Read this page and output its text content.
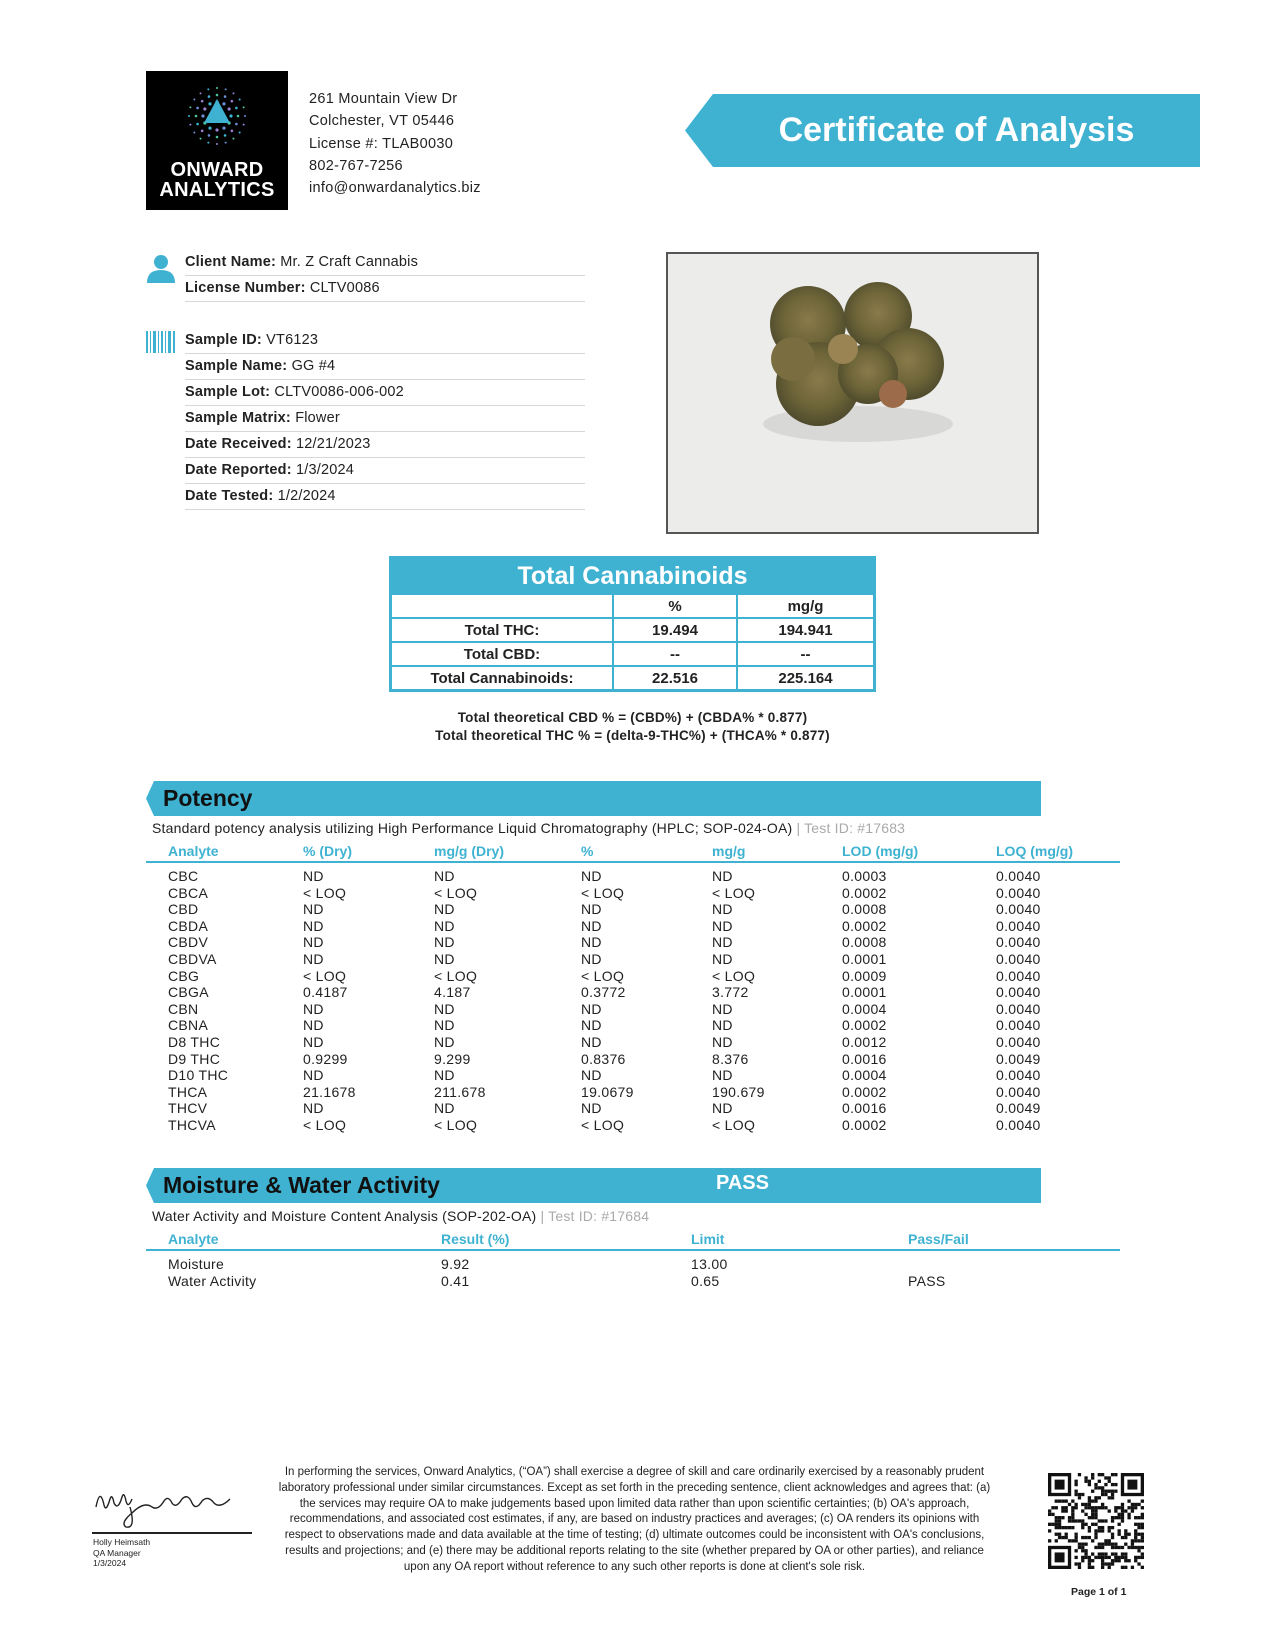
ONWARD
ANALYTICS
261 Mountain View Dr
Colchester, VT 05446
License #: TLAB0030
802-767-7256
info@onwardanalytics.biz
Certificate of Analysis
Client Name: Mr. Z Craft Cannabis
License Number: CLTV0086
Sample ID: VT6123
Sample Name: GG #4
Sample Lot: CLTV0086-006-002
Sample Matrix: Flower
Date Received: 12/21/2023
Date Reported: 1/3/2024
Date Tested: 1/2/2024
Total Cannabinoids
	%	mg/g
Total THC:	19.494	194.941
Total CBD:	--	--
Total Cannabinoids:	22.516	225.164
Total theoretical CBD % = (CBD%) + (CBDA% * 0.877)
Total theoretical THC % = (delta-9-THC%) + (THCA% * 0.877)
Potency
Standard potency analysis utilizing High Performance Liquid Chromatography (HPLC; SOP-024-OA) | Test ID: #17683
Analyte	% (Dry)	mg/g (Dry)	%	mg/g	LOD (mg/g)	LOQ (mg/g)
CBC	ND	ND	ND	ND	0.0003	0.0040
CBCA	< LOQ	< LOQ	< LOQ	< LOQ	0.0002	0.0040
CBD	ND	ND	ND	ND	0.0008	0.0040
CBDA	ND	ND	ND	ND	0.0002	0.0040
CBDV	ND	ND	ND	ND	0.0008	0.0040
CBDVA	ND	ND	ND	ND	0.0001	0.0040
CBG	< LOQ	< LOQ	< LOQ	< LOQ	0.0009	0.0040
CBGA	0.4187	4.187	0.3772	3.772	0.0001	0.0040
CBN	ND	ND	ND	ND	0.0004	0.0040
CBNA	ND	ND	ND	ND	0.0002	0.0040
D8 THC	ND	ND	ND	ND	0.0012	0.0040
D9 THC	0.9299	9.299	0.8376	8.376	0.0016	0.0049
D10 THC	ND	ND	ND	ND	0.0004	0.0040
THCA	21.1678	211.678	19.0679	190.679	0.0002	0.0040
THCV	ND	ND	ND	ND	0.0016	0.0049
THCVA	< LOQ	< LOQ	< LOQ	< LOQ	0.0002	0.0040
Moisture & Water Activity	PASS
Water Activity and Moisture Content Analysis (SOP-202-OA) | Test ID: #17684
Analyte	Result (%)	Limit	Pass/Fail
Moisture	9.92	13.00
Water Activity	0.41	0.65	PASS
Holly Heimsath
QA Manager
1/3/2024
In performing the services, Onward Analytics, (“OA”) shall exercise a degree of skill and care ordinarily exercised by a reasonably prudent laboratory professional under similar circumstances. Except as set forth in the preceding sentence, client acknowledges and agrees that: (a) the services may require OA to make judgements based upon limited data rather than upon scientific certainties; (b) OA's approach, recommendations, and associated cost estimates, if any, are based on industry practices and averages; (c) OA renders its opinions with respect to observations made and data available at the time of testing; (d) ultimate outcomes could be inconsistent with OA's conclusions, results and projections; and (e) there may be additional reports relating to the site (whether prepared by OA or other parties), and reliance upon any OA report without reference to any such other reports is done at client's sole risk.
Page 1 of 1
